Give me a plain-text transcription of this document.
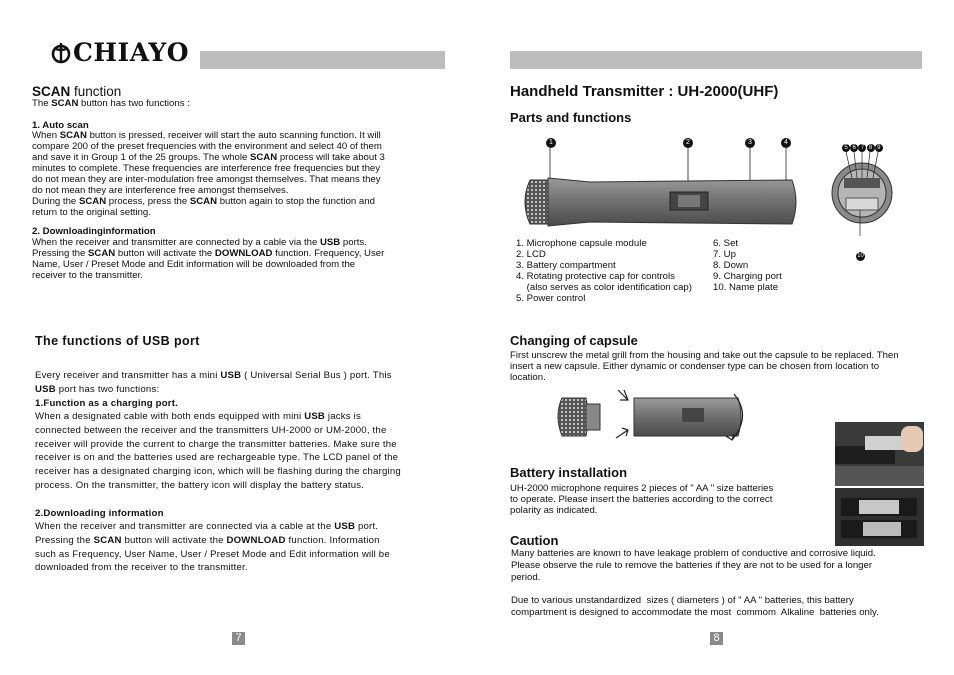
CHIAYO
SCAN function
The SCAN button has two functions :
1. Auto scan
When SCAN button is pressed, receiver will start the auto scanning function. It will
compare 200 of the preset frequencies with the environment and select 40 of them
and save it in Group 1 of the 25 groups. The whole SCAN process will take about 3
minutes to complete. These frequencies are interference free frequencies but they
do not mean they are inter-modulation free amongst themselves. That means they
do not mean they are interference free amongst themselves.
During the SCAN process, press the SCAN button again to stop the function and
return to the original setting.
2. Downloadinginformation
When the receiver and transmitter are connected by a cable via the USB ports.
Pressing the SCAN button will activate the DOWNLOAD function. Frequency, User
Name, User / Preset Mode and Edit information will be downloaded from the
receiver to the transmitter.
The functions of USB port
Every receiver and transmitter has a mini USB ( Universal Serial Bus ) port. This
USB port has two functions:
1.Function as a charging port.
When a designated cable with both ends equipped with mini USB jacks is
connected between the receiver and the transmitters UH-2000 or UM-2000, the
receiver will provide the current to charge the transmitter batteries. Make sure the
receiver is on and the batteries used are rechargeable type. The LCD panel of the
receiver has a designated charging icon, which will be flashing during the charging
process. On the transmitter, the battery icon will display the battery status.
2.Downloading information
When the receiver and transmitter are connected via a cable at the USB port.
Pressing the SCAN button will activate the DOWNLOAD function. Information
such as Frequency, User Name, User / Preset Mode and Edit information will be
downloaded from the receiver to the transmitter.
7
Handheld Transmitter : UH-2000(UHF)
Parts and functions
1	2	3	4
5 6 7 8 9
10
1. Microphone capsule module
2. LCD
3. Battery compartment
4. Rotating protective cap for controls
(also serves as color identification cap)
5. Power control
6. Set
7. Up
8. Down
9. Charging port
10. Name plate
Changing of capsule
First unscrew the metal grill from the housing and take out the capsule to be replaced. Then
insert a new capsule. Either dynamic or condenser type can be chosen from location to
location.
Battery installation
UH-2000 microphone requires 2 pieces of " AA " size batteries
to operate. Please insert the batteries according to the correct
polarity as indicated.
Caution
Many batteries are known to have leakage problem of conductive and corrosive liquid.
Please observe the rule to remove the batteries if they are not to be used for a longer
period.
Due to various unstandardized  sizes ( diameters ) of " AA " batteries, this battery
compartment is designed to accommodate the most  commom  Alkaline  batteries only.
8
